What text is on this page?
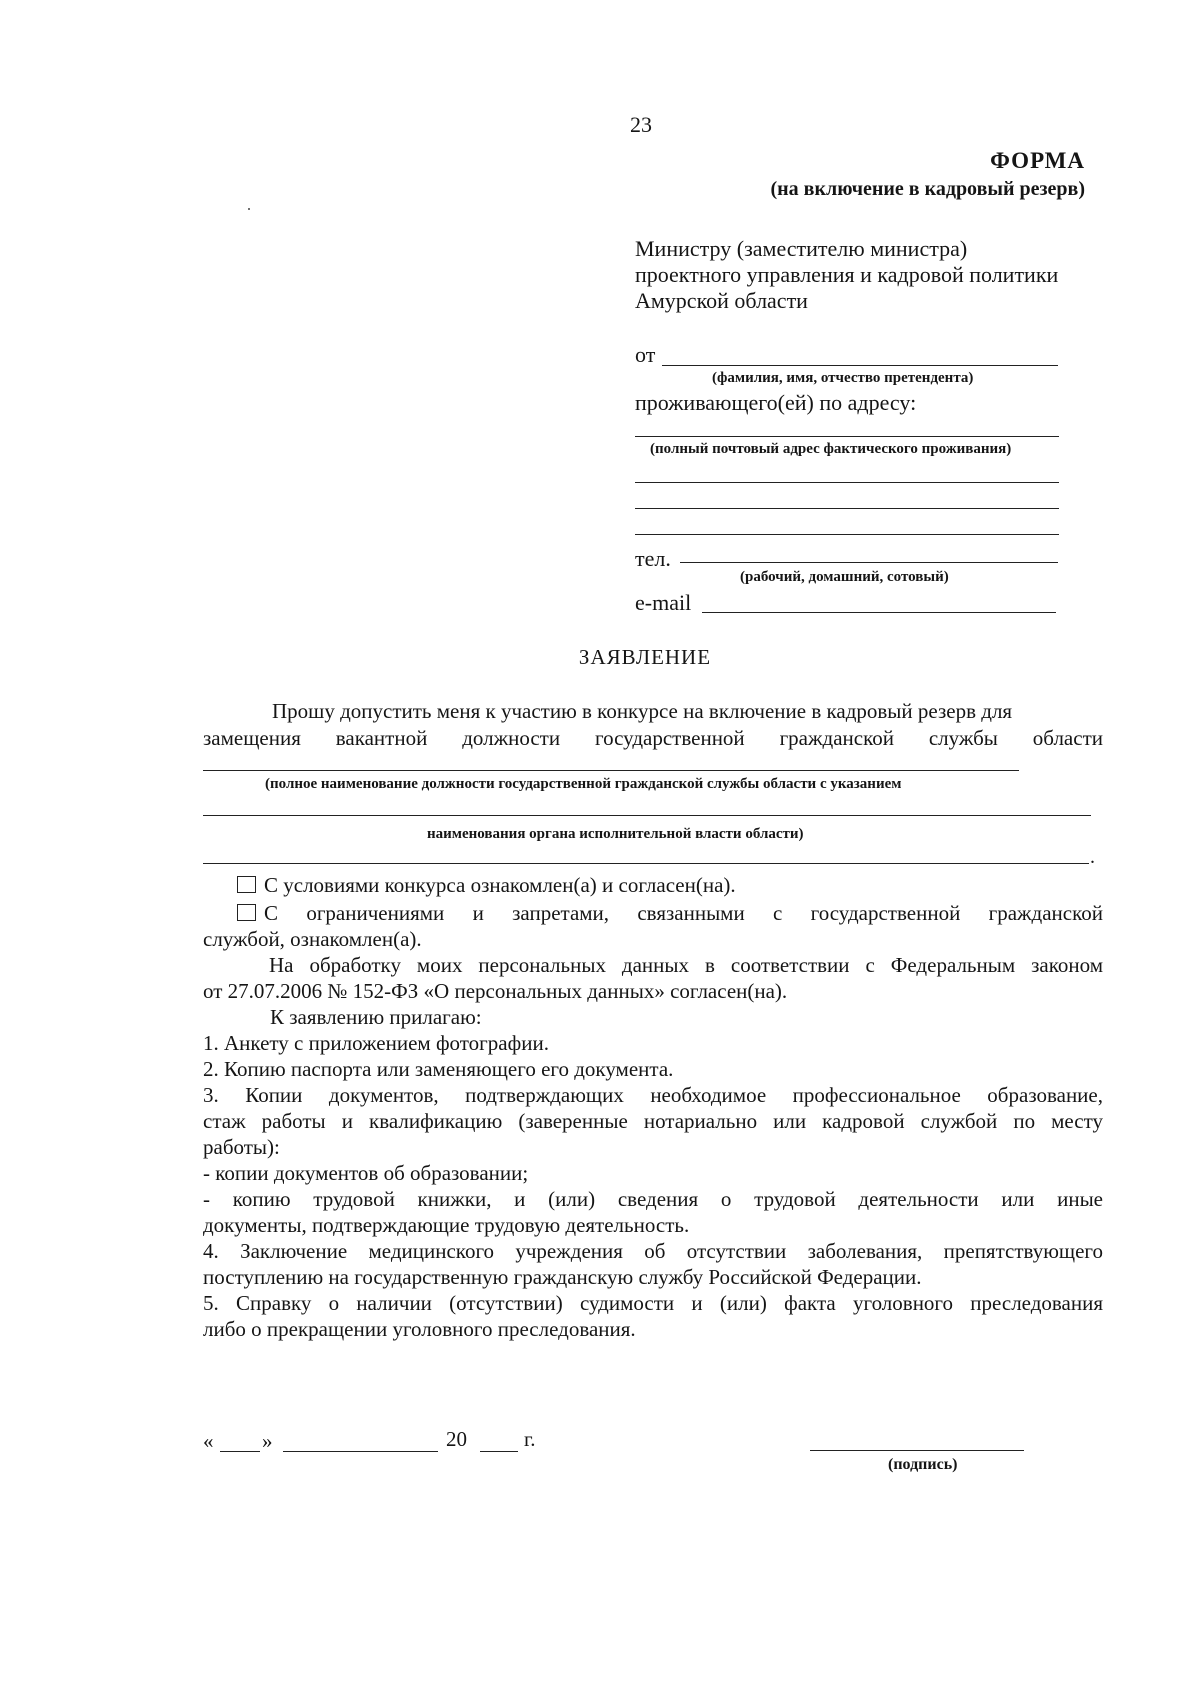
23
ФОРМА
(на включение в кадровый резерв)
Министру (заместителю министра)
проектного управления и кадровой политики
Амурской области
от
(фамилия, имя, отчество претендента)
проживающего(ей) по адресу:
(полный почтовый адрес фактического проживания)
тел.
(рабочий, домашний, сотовый)
e-mail
ЗАЯВЛЕНИЕ
Прошу допустить меня к участию в конкурсе на включение в кадровый резерв для
замещения вакантной должности государственной гражданской службы области
(полное наименование должности государственной гражданской службы области с указанием
наименования органа исполнительной власти области)
.
С условиями конкурса ознакомлен(а) и согласен(на).
С ограничениями и запретами, связанными с государственной гражданской
службой, ознакомлен(а).
На обработку моих персональных данных в соответствии с Федеральным законом
от 27.07.2006 № 152-ФЗ «О персональных данных» согласен(на).
К заявлению прилагаю:
1. Анкету с приложением фотографии.
2. Копию паспорта или заменяющего его документа.
3. Копии документов, подтверждающих необходимое профессиональное образование,
стаж работы и квалификацию (заверенные нотариально или кадровой службой по месту
работы):
- копии документов об образовании;
- копию трудовой книжки, и (или) сведения о трудовой деятельности или иные
документы, подтверждающие трудовую деятельность.
4. Заключение медицинского учреждения об отсутствии заболевания, препятствующего
поступлению на государственную гражданскую службу Российской Федерации.
5. Справку о наличии (отсутствии) судимости и (или) факта уголовного преследования
либо о прекращении уголовного преследования.
« »	20	г.
(подпись)
